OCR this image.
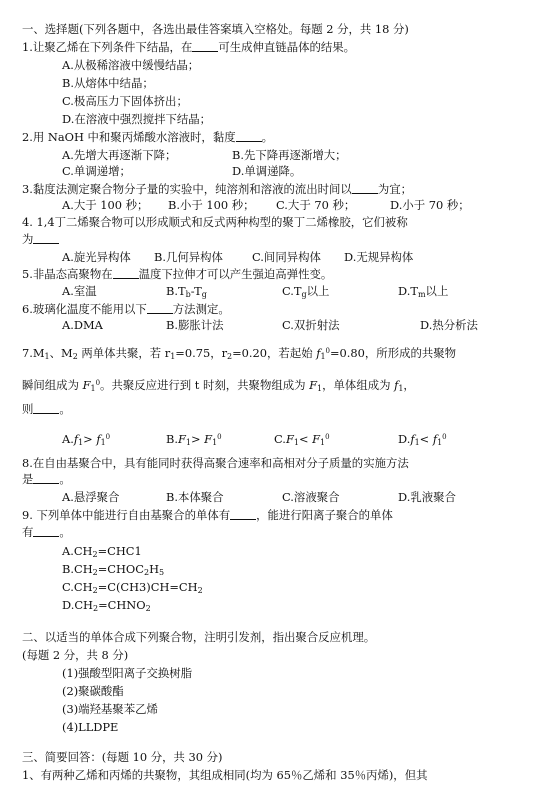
一、选择题(下列各题中，各选出最佳答案填入空格处。每题 2 分，共 18 分)
1.让聚乙烯在下列条件下结晶，在 可生成伸直链晶体的结果。
A.从极稀溶液中缓慢结晶；
B.从熔体中结晶；
C.极高压力下固体挤出；
D.在溶液中强烈搅拌下结晶；
2.用 NaOH 中和聚丙烯酸水溶液时，黏度 。
A.先增大再逐渐下降；	B.先下降再逐渐增大；
C.单调递增；	D.单调递降。
3.黏度法测定聚合物分子量的实验中，纯溶剂和溶液的流出时间以 为宜；
A.大于 100 秒； B.小于 100 秒； C.大于 70 秒；	D.小于 70 秒；
4. 1,4丁二烯聚合物可以形成顺式和反式两种构型的聚丁二烯橡胶，它们被称
为
A.旋光异构体 B.几何异构体	C.间同异构体 D.无规异构体
5.非晶态高聚物在 温度下拉伸才可以产生强迫高弹性变。
A.室温	$B.T_b-T_g$	$C.T_g$以上	$D.T_m$以上
6.玻璃化温度不能用以下 方法测定。
A.DMA	B.膨胀计法	C.双折射法	D.热分析法
$7.M_1$、$M_2$ 两单体共聚，若 $r_1=0.75$，$r_2=0.20$，若起始 $f_1^0=0.80$，所形成的共聚物
瞬间组成为 $F_1^0$。共聚反应进行到 t 时刻，共聚物组成为 $F_1$，单体组成为 $f_1$，
则 。
$A.f_1> f_1^0$	$B.F_1> F_1^0$	$C.F_1< F_1^0$	$D.f_1< f_1^0$
8.在自由基聚合中，具有能同时获得高聚合速率和高相对分子质量的实施方法
是 。
A.悬浮聚合	B.本体聚合	C.溶液聚合	D.乳液聚合
9. 下列单体中能进行自由基聚合的单体有 ，能进行阳离子聚合的单体
有 。
$A.CH_2=CHC1$
$B.CH_2=CHOC_2H_5$
$C.CH_2=C(CH3)CH=CH_2$
$D.CH_2=CHNO_2$
二、以适当的单体合成下列聚合物，注明引发剂，指出聚合反应机理。
(每题 2 分，共 8 分)
(1)强酸型阳离子交换树脂
(2)聚碳酸酯
(3)端羟基聚苯乙烯
(4)LLDPE
三、简要回答：(每题 10 分，共 30 分)
1、有两种乙烯和丙烯的共聚物，其组成相同(均为 65％乙烯和 35％丙烯)，但其
